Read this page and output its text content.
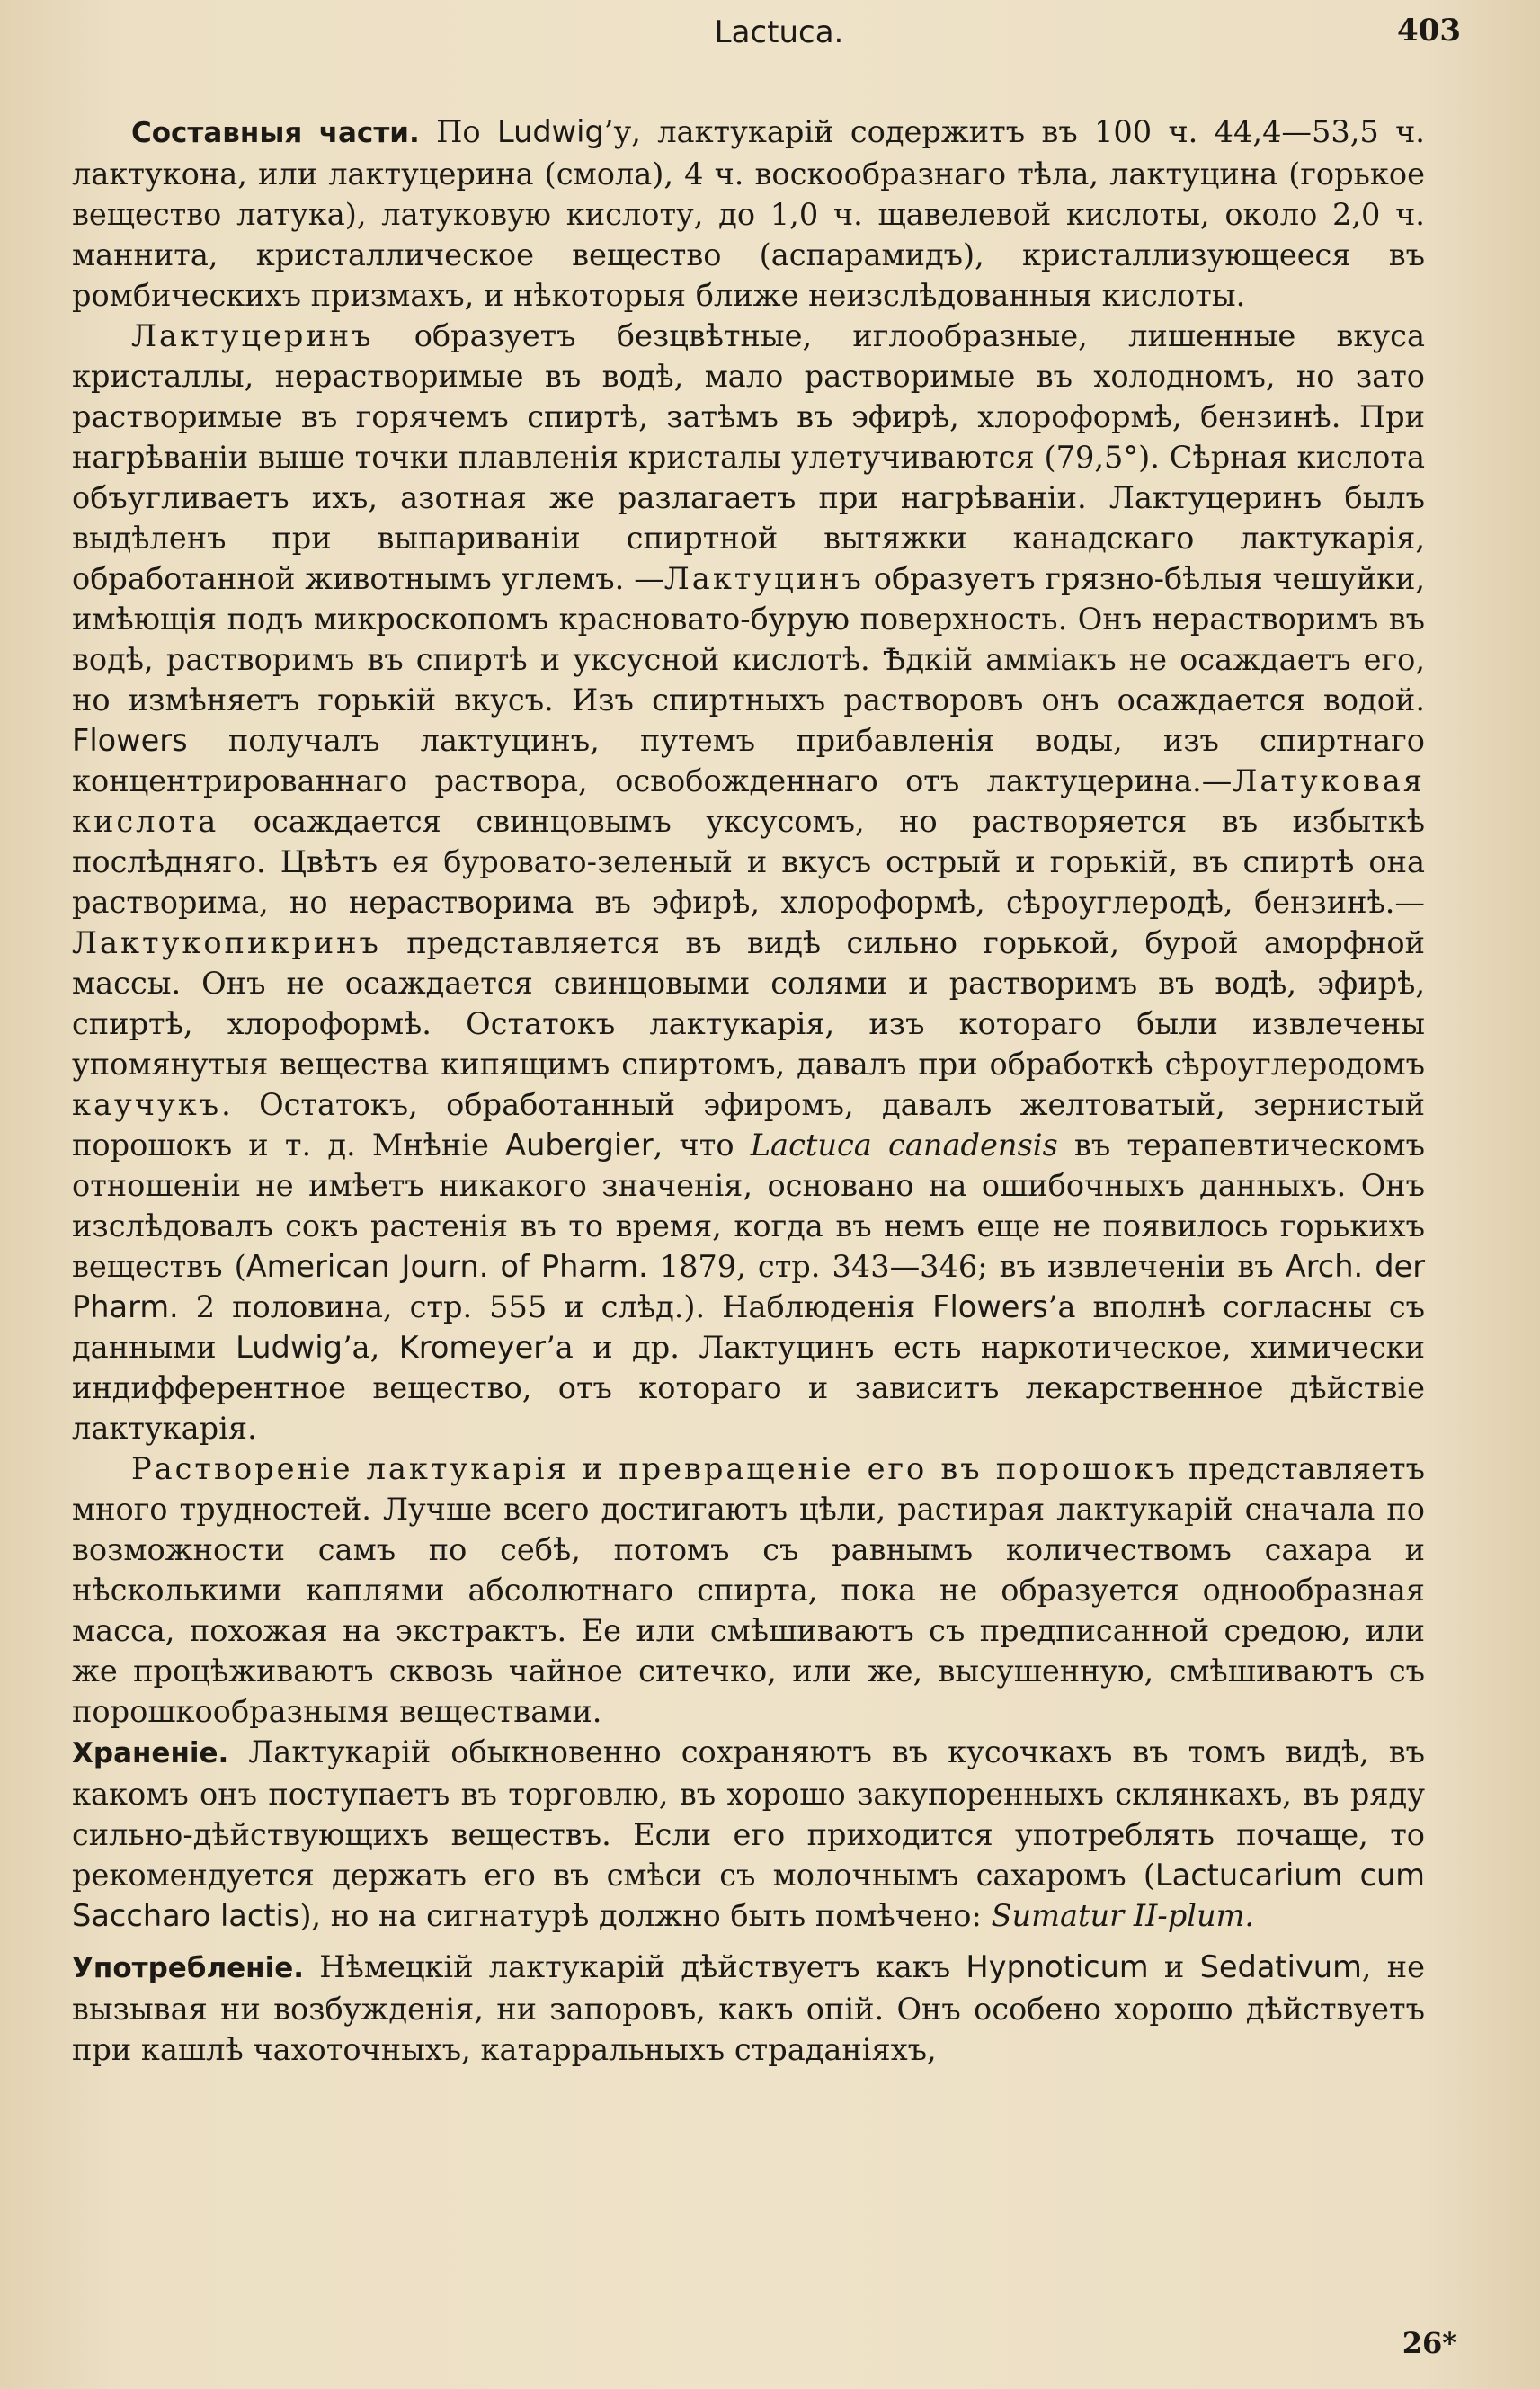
Lactuca.	403

Составныя части. По Ludwig’у, лактукарій содержитъ въ 100 ч. 44,4—53,5 ч. лактукона, или лактуцерина (смола), 4 ч. воскообразнаго тѣла, лактуцина (горькое вещество латука), латуковую кислоту, до 1,0 ч. щавелевой кислоты, около 2,0 ч. маннита, кристаллическое вещество (аспарамидъ), кристаллизующееся въ ромбическихъ призмахъ, и нѣкоторыя ближе неизслѣдованныя кислоты.

Лактуцеринъ образуетъ безцвѣтные, иглообразные, лишенные вкуса кристаллы, нерастворимые въ водѣ, мало растворимые въ холодномъ, но зато растворимые въ горячемъ спиртѣ, затѣмъ въ эфирѣ, хлороформѣ, бензинѣ. При нагрѣваніи выше точки плавленія кристалы улетучиваются (79,5°). Сѣрная кислота объугливаетъ ихъ, азотная же разлагаетъ при нагрѣваніи. Лактуцеринъ былъ выдѣленъ при выпариваніи спиртной вытяжки канадскаго лактукарія, обработанной животнымъ углемъ. —Лактуцинъ образуетъ грязно-бѣлыя чешуйки, имѣющія подъ микроскопомъ красновато-бурую поверхность. Онъ нерастворимъ въ водѣ, растворимъ въ спиртѣ и уксусной кислотѣ. Ѣдкій амміакъ не осаждаетъ его, но измѣняетъ горькій вкусъ. Изъ спиртныхъ растворовъ онъ осаждается водой. Flowers получалъ лактуцинъ, путемъ прибавленія воды, изъ спиртнаго концентрированнаго раствора, освобожденнаго отъ лактуцерина.—Латуковая кислота осаждается свинцовымъ уксусомъ, но растворяется въ избыткѣ послѣдняго. Цвѣтъ ея буровато-зеленый и вкусъ острый и горькій, въ спиртѣ она растворима, но нерастворима въ эфирѣ, хлороформѣ, сѣроуглеродѣ, бензинѣ.—Лактукопикринъ представляется въ видѣ сильно горькой, бурой аморфной массы. Онъ не осаждается свинцовыми солями и растворимъ въ водѣ, эфирѣ, спиртѣ, хлороформѣ. Остатокъ лактукарія, изъ котораго были извлечены упомянутыя вещества кипящимъ спиртомъ, давалъ при обработкѣ сѣроуглеродомъ каучукъ. Остатокъ, обработанный эфиромъ, давалъ желтоватый, зернистый порошокъ и т. д. Мнѣніе Aubergier, что Lactuca canadensis въ терапевтическомъ отношеніи не имѣетъ никакого значенія, основано на ошибочныхъ данныхъ. Онъ изслѣдовалъ сокъ растенія въ то время, когда въ немъ еще не появилось горькихъ веществъ (American Journ. of Pharm. 1879, стр. 343—346; въ извлеченіи въ Arch. der Pharm. 2 половина, стр. 555 и слѣд.). Наблюденія Flowers’а вполнѣ согласны съ данными Ludwig’а, Kromeyer’а и др. Лактуцинъ есть наркотическое, химически индифферентное вещество, отъ котораго и зависитъ лекарственное дѣйствіе лактукарія.

Раствореніе лактукарія и превращеніе его въ порошокъ представляетъ много трудностей. Лучше всего достигаютъ цѣли, растирая лактукарій сначала по возможности самъ по себѣ, потомъ съ равнымъ количествомъ сахара и нѣсколькими каплями абсолютнаго спирта, пока не образуется однообразная масса, похожая на экстрактъ. Ее или смѣшиваютъ съ предписанной средою, или же процѣживаютъ сквозь чайное ситечко, или же, высушенную, смѣшиваютъ съ порошкообразнымя веществами.

Храненіе. Лактукарій обыкновенно сохраняютъ въ кусочкахъ въ томъ видѣ, въ какомъ онъ поступаетъ въ торговлю, въ хорошо закупоренныхъ склянкахъ, въ ряду сильно-дѣйствующихъ веществъ. Если его приходится употреблять почаще, то рекомендуется держать его въ смѣси съ молочнымъ сахаромъ (Lactucarium cum Saccharo lactis), но на сигнатурѣ должно быть помѣчено: Sumatur II-plum.

Употребленіе. Нѣмецкій лактукарій дѣйствуетъ какъ Hypnoticum и Sedativum, не вызывая ни возбужденія, ни запоровъ, какъ опій. Онъ особено хорошо дѣйствуетъ при кашлѣ чахоточныхъ, катарральныхъ страданіяхъ,

26*
